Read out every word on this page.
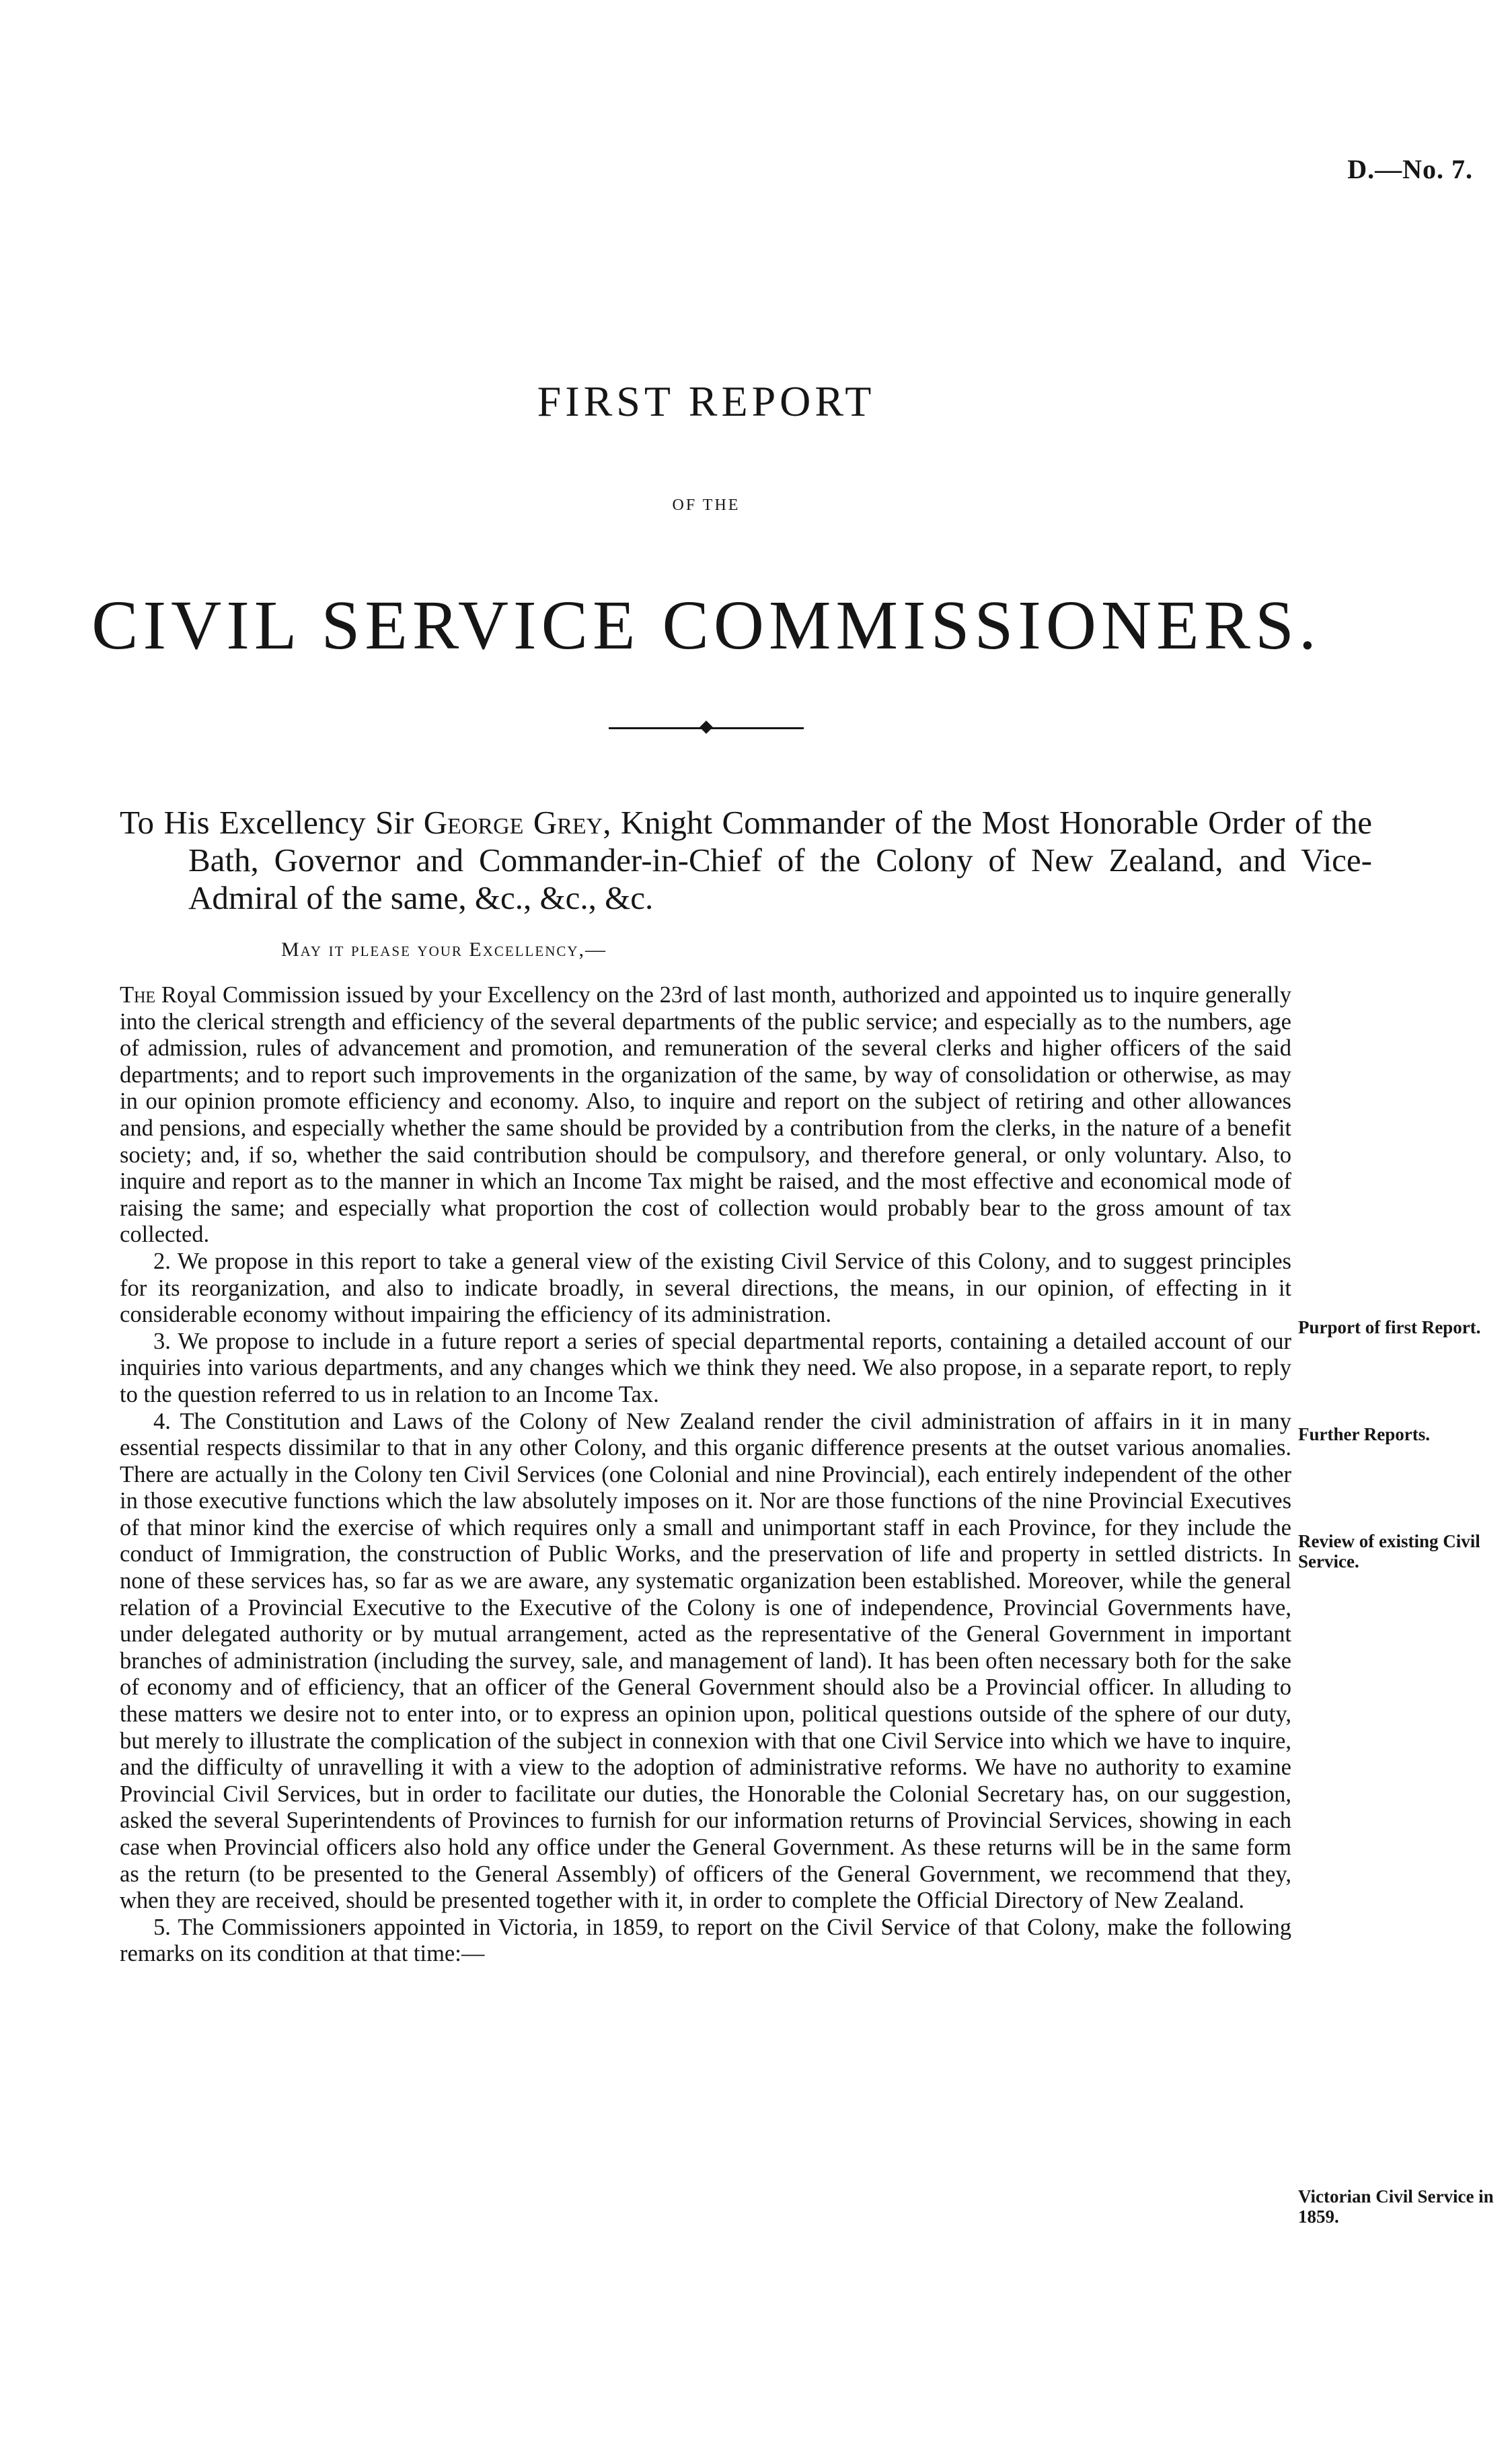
D.—No. 7.
FIRST REPORT
OF THE
CIVIL SERVICE COMMISSIONERS.

To His Excellency Sir George Grey, Knight Commander of the Most Honorable Order of the Bath, Governor and Commander-in-Chief of the Colony of New Zealand, and Vice-Admiral of the same, &c., &c., &c.

May it please your Excellency,—

The Royal Commission issued by your Excellency on the 23rd of last month, authorized and appointed us to inquire generally into the clerical strength and efficiency of the several departments of the public service; and especially as to the numbers, age of admission, rules of advancement and promotion, and remuneration of the several clerks and higher officers of the said departments; and to report such improvements in the organization of the same, by way of consolidation or otherwise, as may in our opinion promote efficiency and economy. Also, to inquire and report on the subject of retiring and other allowances and pensions, and especially whether the same should be provided by a contribution from the clerks, in the nature of a benefit society; and, if so, whether the said contribution should be compulsory, and therefore general, or only voluntary. Also, to inquire and report as to the manner in which an Income Tax might be raised, and the most effective and economical mode of raising the same; and especially what proportion the cost of collection would probably bear to the gross amount of tax collected.

2. We propose in this report to take a general view of the existing Civil Service of this Colony, and to suggest principles for its reorganization, and also to indicate broadly, in several directions, the means, in our opinion, of effecting in it considerable economy without impairing the efficiency of its administration.

3. We propose to include in a future report a series of special departmental reports, containing a detailed account of our inquiries into various departments, and any changes which we think they need. We also propose, in a separate report, to reply to the question referred to us in relation to an Income Tax.

4. The Constitution and Laws of the Colony of New Zealand render the civil administration of affairs in it in many essential respects dissimilar to that in any other Colony, and this organic difference presents at the outset various anomalies. There are actually in the Colony ten Civil Services (one Colonial and nine Provincial), each entirely independent of the other in those executive functions which the law absolutely imposes on it. Nor are those functions of the nine Provincial Executives of that minor kind the exercise of which requires only a small and unimportant staff in each Province, for they include the conduct of Immigration, the construction of Public Works, and the preservation of life and property in settled districts. In none of these services has, so far as we are aware, any systematic organization been established. Moreover, while the general relation of a Provincial Executive to the Executive of the Colony is one of independence, Provincial Governments have, under delegated authority or by mutual arrangement, acted as the representative of the General Government in important branches of administration (including the survey, sale, and management of land). It has been often necessary both for the sake of economy and of efficiency, that an officer of the General Government should also be a Provincial officer. In alluding to these matters we desire not to enter into, or to express an opinion upon, political questions outside of the sphere of our duty, but merely to illustrate the complication of the subject in connexion with that one Civil Service into which we have to inquire, and the difficulty of unravelling it with a view to the adoption of administrative reforms. We have no authority to examine Provincial Civil Services, but in order to facilitate our duties, the Honorable the Colonial Secretary has, on our suggestion, asked the several Superintendents of Provinces to furnish for our information returns of Provincial Services, showing in each case when Provincial officers also hold any office under the General Government. As these returns will be in the same form as the return (to be presented to the General Assembly) of officers of the General Government, we recommend that they, when they are received, should be presented together with it, in order to complete the Official Directory of New Zealand.

5. The Commissioners appointed in Victoria, in 1859, to report on the Civil Service of that Colony, make the following remarks on its condition at that time:—

Purport of first Report.

Further Reports.

Review of existing Civil Service.

Victorian Civil Service in 1859.
